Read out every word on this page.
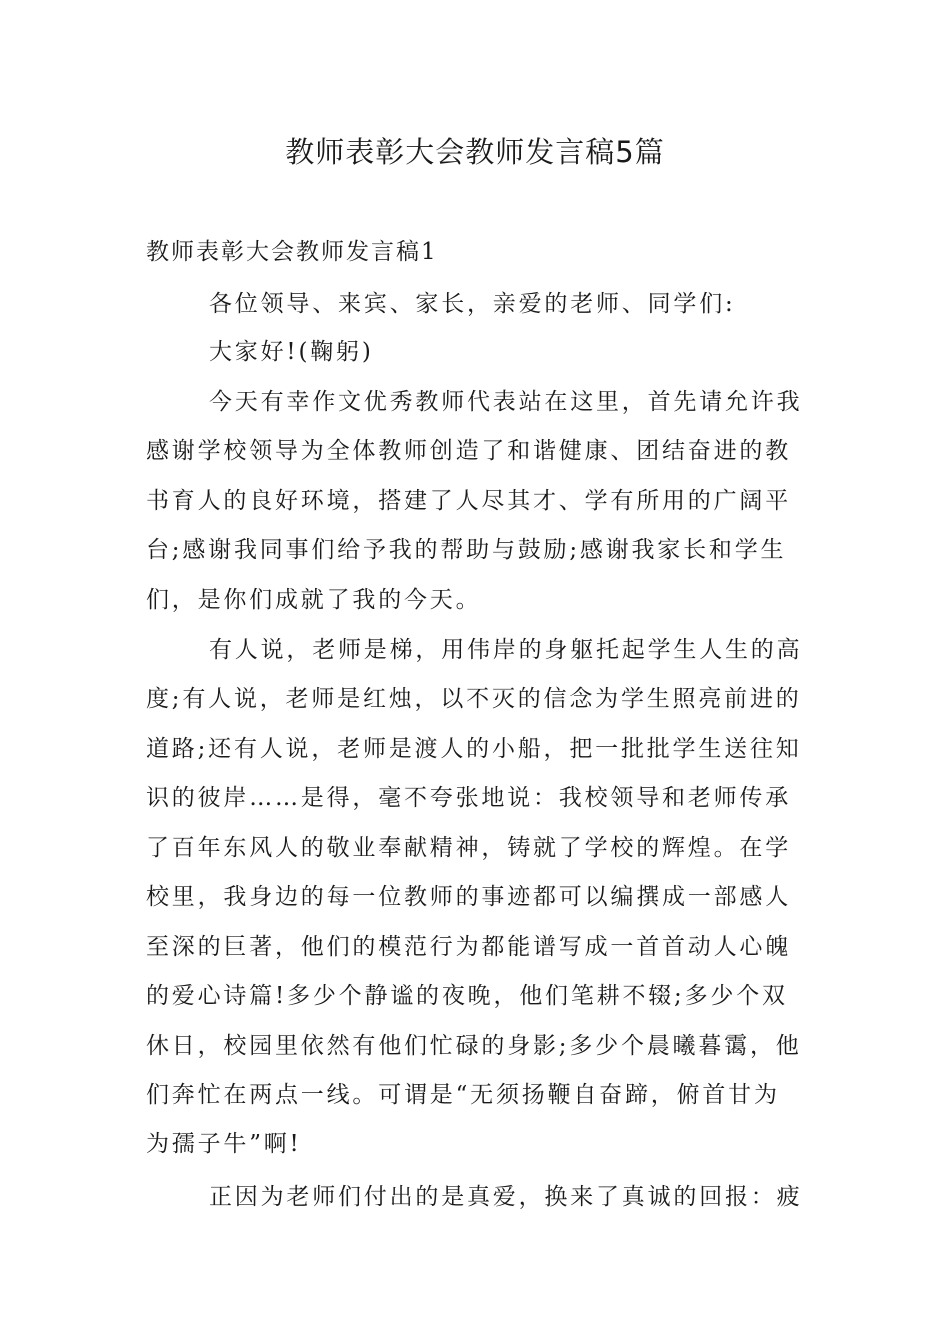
教师表彰大会教师发言稿5篇
教师表彰大会教师发言稿1

各位领导、来宾、家长，亲爱的老师、同学们:

大家好!(鞠躬)

今天有幸作文优秀教师代表站在这里，首先请允许我

感谢学校领导为全体教师创造了和谐健康、团结奋进的教

书育人的良好环境，搭建了人尽其才、学有所用的广阔平

台;感谢我同事们给予我的帮助与鼓励;感谢我家长和学生

们，是你们成就了我的今天。

有人说，老师是梯，用伟岸的身躯托起学生人生的高

度;有人说，老师是红烛，以不灭的信念为学生照亮前进的

道路;还有人说，老师是渡人的小船，把一批批学生送往知

识的彼岸……是得，毫不夸张地说：我校领导和老师传承

了百年东风人的敬业奉献精神，铸就了学校的辉煌。在学

校里，我身边的每一位教师的事迹都可以编撰成一部感人

至深的巨著，他们的模范行为都能谱写成一首首动人心魄

的爱心诗篇!多少个静谧的夜晚，他们笔耕不辍;多少个双

休日，校园里依然有他们忙碌的身影;多少个晨曦暮霭，他

们奔忙在两点一线。可谓是“无须扬鞭自奋蹄，俯首甘为

为孺子牛”啊!

正因为老师们付出的是真爱，换来了真诚的回报：疲
